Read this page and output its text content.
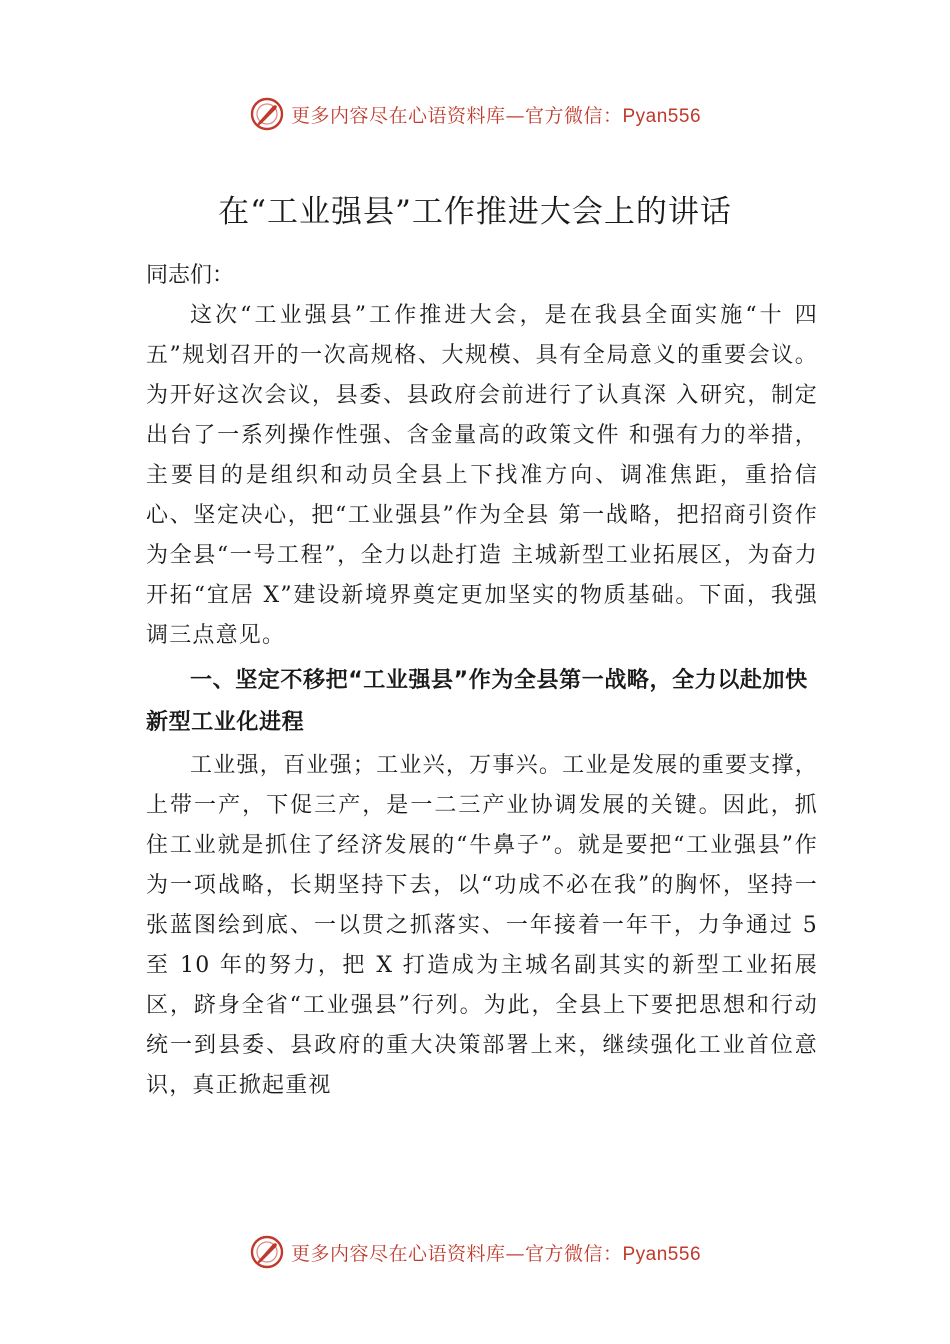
更多内容尽在心语资料库—官方微信：Pyan556
在“工业强县”工作推进大会上的讲话

同志们：

这次“工业强县”工作推进大会，是在我县全面实施“十 四五”规划召开的一次高规格、大规模、具有全局意义的重要会议。为开好这次会议，县委、县政府会前进行了认真深 入研究，制定出台了一系列操作性强、含金量高的政策文件 和强有力的举措，主要目的是组织和动员全县上下找准方向、调准焦距，重拾信心、坚定决心，把“工业强县”作为全县 第一战略，把招商引资作为全县“一号工程”，全力以赴打造 主城新型工业拓展区，为奋力开拓“宜居 X”建设新境界奠定更加坚实的物质基础。下面，我强调三点意见。

一、坚定不移把“工业强县”作为全县第一战略，全力以赴加快新型工业化进程

工业强，百业强；工业兴，万事兴。工业是发展的重要支撑，上带一产，下促三产，是一二三产业协调发展的关键。因此，抓住工业就是抓住了经济发展的“牛鼻子”。就是要把“工业强县”作为一项战略，长期坚持下去，以“功成不必在我”的胸怀，坚持一张蓝图绘到底、一以贯之抓落实、一年接着一年干，力争通过 5 至 10 年的努力，把 X 打造成为主城名副其实的新型工业拓展区，跻身全省“工业强县”行列。为此，全县上下要把思想和行动统一到县委、县政府的重大决策部署上来，继续强化工业首位意识，真正掀起重视

更多内容尽在心语资料库—官方微信：Pyan556
